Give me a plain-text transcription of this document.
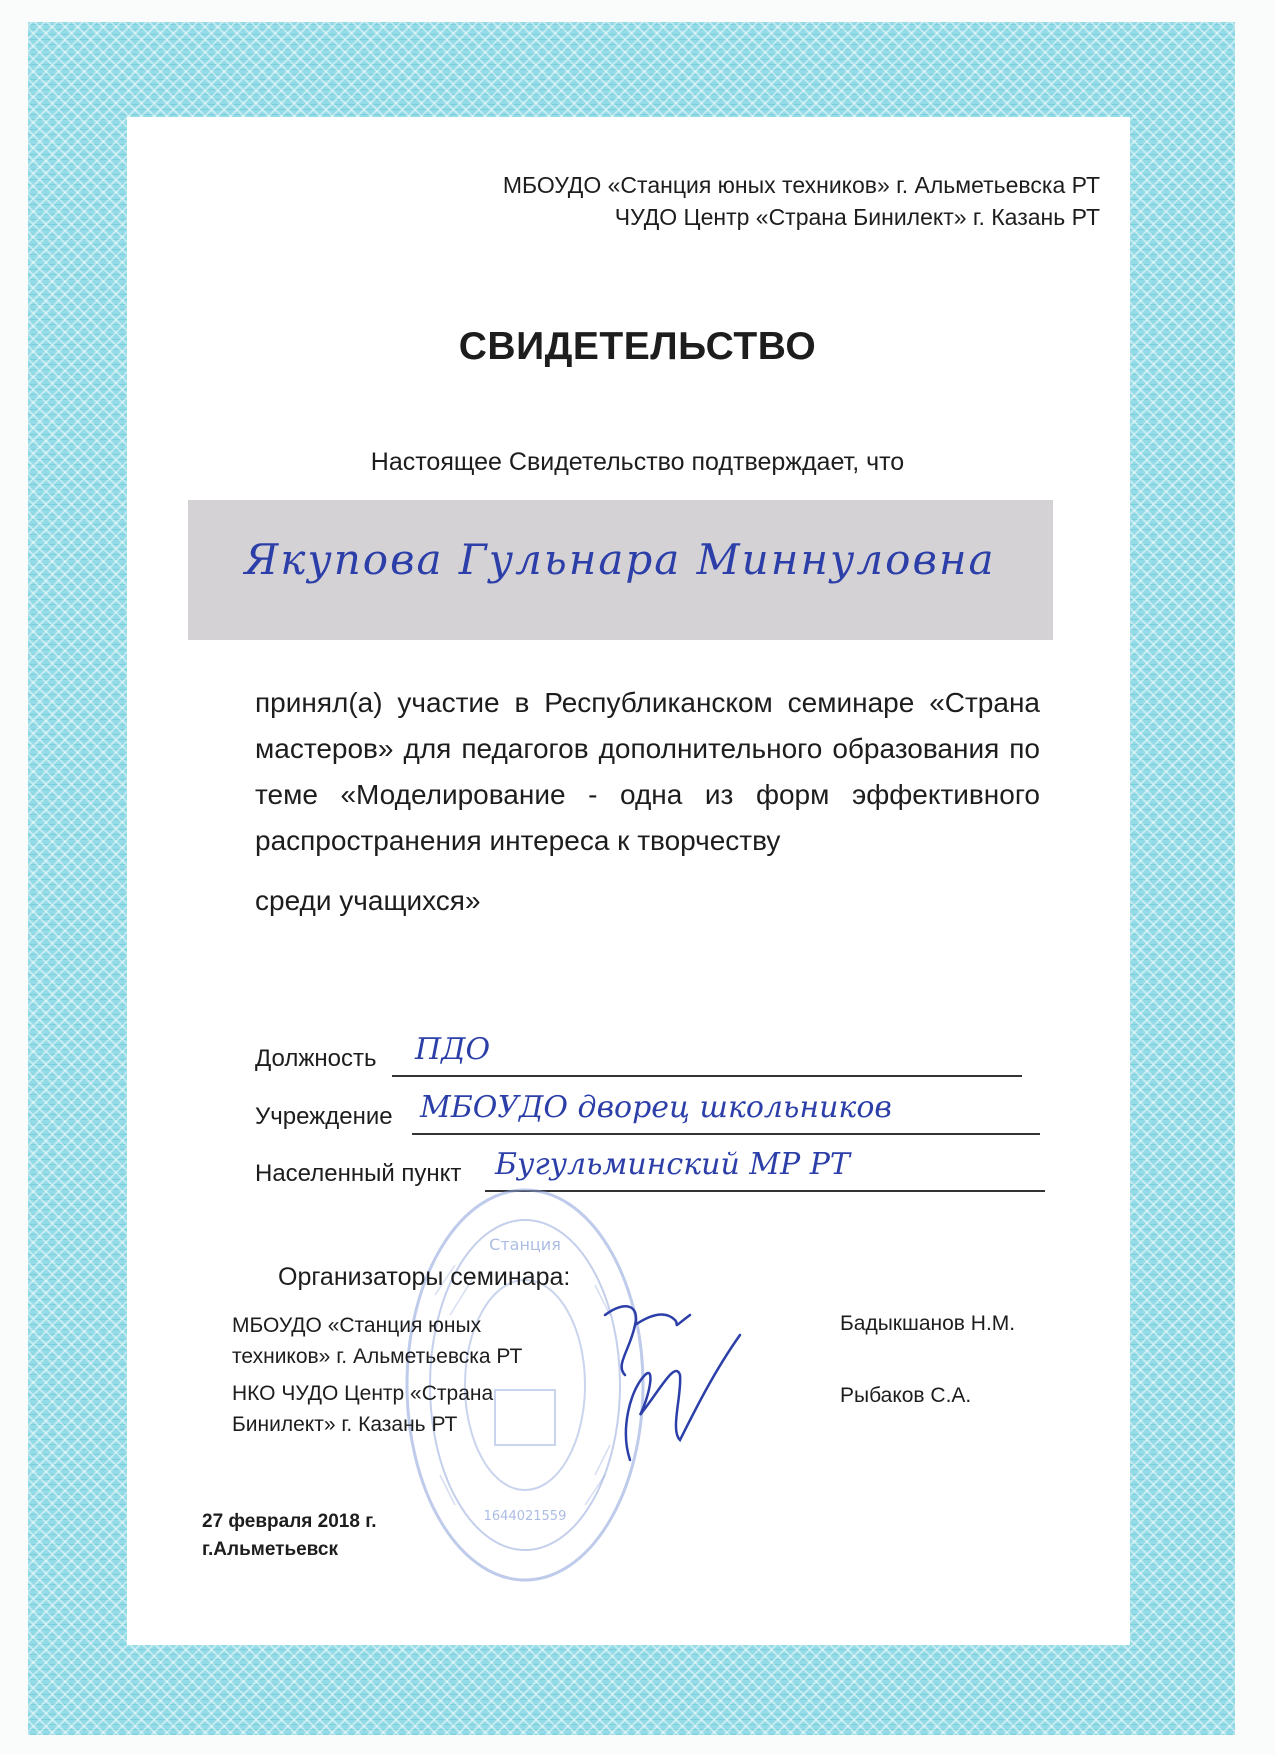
МБОУДО «Станция юных техников» г. Альметьевска РТ
ЧУДО Центр «Страна Бинилект» г. Казань РТ
СВИДЕТЕЛЬСТВО
Настоящее Свидетельство подтверждает, что
Якупова Гульнара Миннуловна
принял(а) участие в Республиканском семинаре «Страна мастеров» для педагогов дополнительного образования по теме «Моделирование - одна из форм эффективного распространения интереса к творчеству
среди учащихся»
Должность ПДО
Учреждение МБОУДО дворец школьников
Населенный пункт Бугульминский МР РТ
Станция
1644021559
Организаторы семинара:
МБОУДО «Станция юных
техников» г. Альметьевска РТ
НКО ЧУДО Центр «Страна
Бинилект» г. Казань РТ
Бадыкшанов Н.М.
Рыбаков С.А.
27 февраля 2018 г.
г.Альметьевск
